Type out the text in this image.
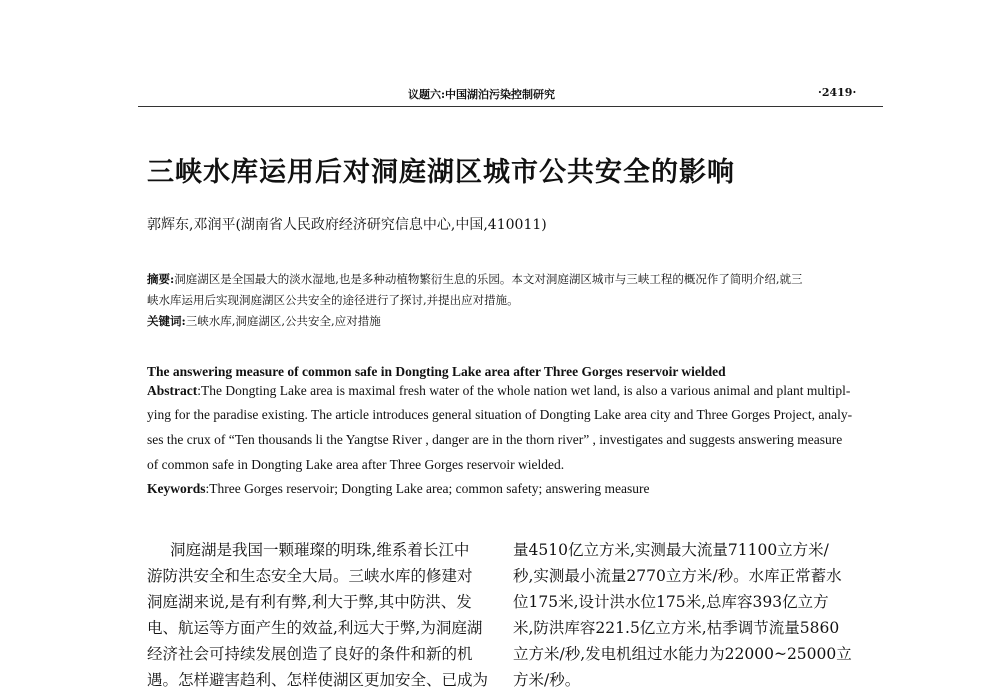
议题六:中国湖泊污染控制研究	·2419·
三峡水库运用后对洞庭湖区城市公共安全的影响
郭辉东,邓润平(湖南省人民政府经济研究信息中心,中国,410011)
摘要:洞庭湖区是全国最大的淡水湿地,也是多种动植物繁衍生息的乐园。本文对洞庭湖区城市与三峡工程的概况作了简明介绍,就三
峡水库运用后实现洞庭湖区公共安全的途径进行了探讨,并提出应对措施。
关键词:三峡水库,洞庭湖区,公共安全,应对措施
The answering measure of common safe in Dongting Lake area after Three Gorges reservoir wielded
Abstract:The Dongting Lake area is maximal fresh water of the whole nation wet land, is also a various animal and plant multipl-
ying for the paradise existing. The article introduces general situation of Dongting Lake area city and Three Gorges Project, analy-
ses the crux of “Ten thousands li the Yangtse River , danger are in the thorn river” , investigates and suggests answering measure
of common safe in Dongting Lake area after Three Gorges reservoir wielded.
Keywords:Three Gorges reservoir; Dongting Lake area; common safety; answering measure
洞庭湖是我国一颗璀璨的明珠,维系着长江中
游防洪安全和生态安全大局。三峡水库的修建对
洞庭湖来说,是有利有弊,利大于弊,其中防洪、发
电、航运等方面产生的效益,利远大于弊,为洞庭湖
经济社会可持续发展创造了良好的条件和新的机
遇。怎样避害趋利、怎样使湖区更加安全、已成为
量4510亿立方米,实测最大流量71100立方米/
秒,实测最小流量2770立方米/秒。水库正常蓄水
位175米,设计洪水位175米,总库容393亿立方
米,防洪库容221.5亿立方米,枯季调节流量5860
立方米/秒,发电机组过水能力为22000~25000立
方米/秒。
